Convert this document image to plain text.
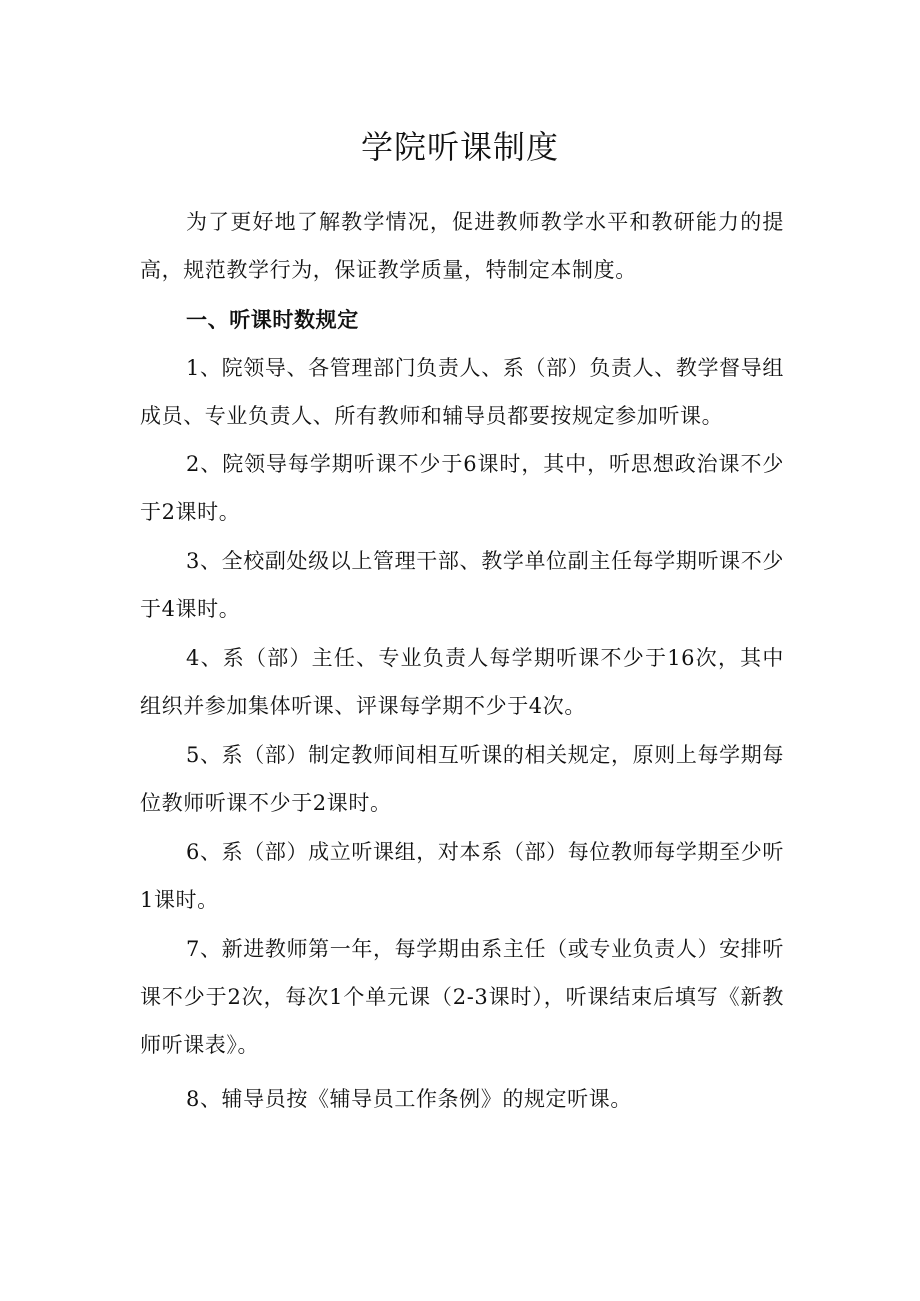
学院听课制度
为了更好地了解教学情况，促进教师教学水平和教研能力的提高，规范教学行为，保证教学质量，特制定本制度。
一、听课时数规定
1、院领导、各管理部门负责人、系（部）负责人、教学督导组成员、专业负责人、所有教师和辅导员都要按规定参加听课。
2、院领导每学期听课不少于6课时，其中，听思想政治课不少于2课时。
3、全校副处级以上管理干部、教学单位副主任每学期听课不少于4课时。
4、系（部）主任、专业负责人每学期听课不少于16次，其中组织并参加集体听课、评课每学期不少于4次。
5、系（部）制定教师间相互听课的相关规定，原则上每学期每位教师听课不少于2课时。
6、系（部）成立听课组，对本系（部）每位教师每学期至少听1课时。
7、新进教师第一年，每学期由系主任（或专业负责人）安排听课不少于2次，每次1个单元课（2-3课时），听课结束后填写《新教师听课表》。
8、辅导员按《辅导员工作条例》的规定听课。
